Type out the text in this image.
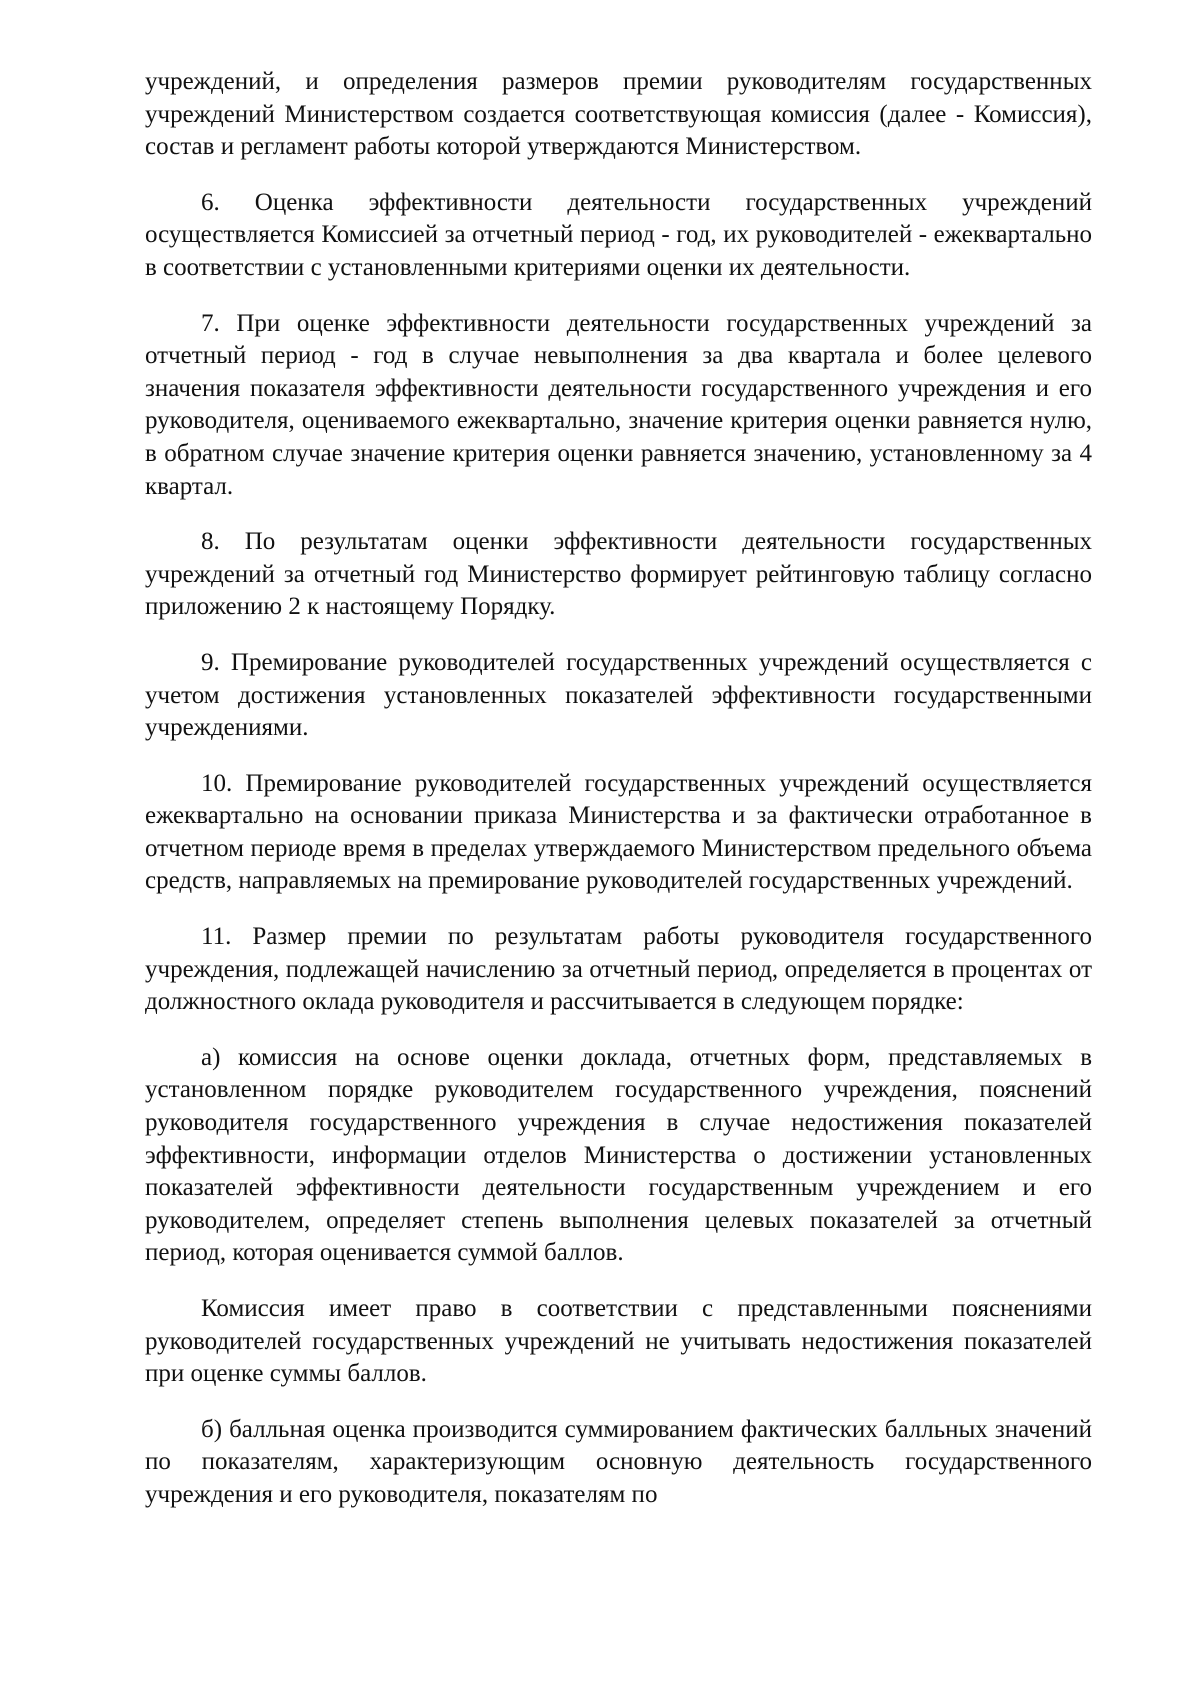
учреждений, и определения размеров премии руководителям государственных учреждений Министерством создается соответствующая комиссия (далее - Комиссия), состав и регламент работы которой утверждаются Министерством.

6. Оценка эффективности деятельности государственных учреждений осуществляется Комиссией за отчетный период - год, их руководителей - ежеквартально в соответствии с установленными критериями оценки их деятельности.

7. При оценке эффективности деятельности государственных учреждений за отчетный период - год в случае невыполнения за два квартала и более целевого значения показателя эффективности деятельности государственного учреждения и его руководителя, оцениваемого ежеквартально, значение критерия оценки равняется нулю, в обратном случае значение критерия оценки равняется значению, установленному за 4 квартал.

8. По результатам оценки эффективности деятельности государственных учреждений за отчетный год Министерство формирует рейтинговую таблицу согласно приложению 2 к настоящему Порядку.

9. Премирование руководителей государственных учреждений осуществляется с учетом достижения установленных показателей эффективности государственными учреждениями.

10. Премирование руководителей государственных учреждений осуществляется ежеквартально на основании приказа Министерства и за фактически отработанное в отчетном периоде время в пределах утверждаемого Министерством предельного объема средств, направляемых на премирование руководителей государственных учреждений.

11. Размер премии по результатам работы руководителя государственного учреждения, подлежащей начислению за отчетный период, определяется в процентах от должностного оклада руководителя и рассчитывается в следующем порядке:

а) комиссия на основе оценки доклада, отчетных форм, представляемых в установленном порядке руководителем государственного учреждения, пояснений руководителя государственного учреждения в случае недостижения показателей эффективности, информации отделов Министерства о достижении установленных показателей эффективности деятельности государственным учреждением и его руководителем, определяет степень выполнения целевых показателей за отчетный период, которая оценивается суммой баллов.

Комиссия имеет право в соответствии с представленными пояснениями руководителей государственных учреждений не учитывать недостижения показателей при оценке суммы баллов.

б) балльная оценка производится суммированием фактических балльных значений по показателям, характеризующим основную деятельность государственного учреждения и его руководителя, показателям по
